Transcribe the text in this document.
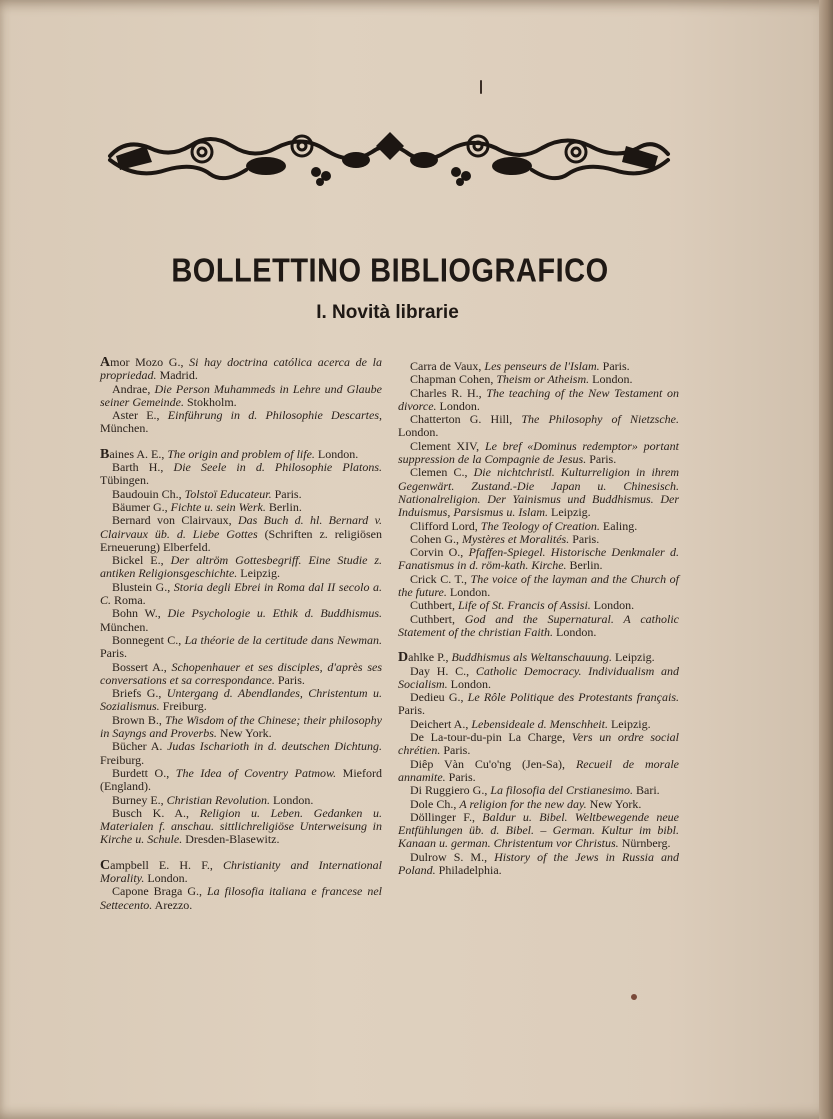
BOLLETTINO BIBLIOGRAFICO
I. Novità librarie

Amor Mozo G., Si hay doctrina católica acerca de la propriedad. Madrid.

Andrae, Die Person Muhammeds in Lehre und Glaube seiner Gemeinde. Stokholm.

Aster E., Einführung in d. Philosophie Descartes, München.

Baines A. E., The origin and problem of life. London.

Barth H., Die Seele in d. Philosophie Platons. Tübingen.

Baudouin Ch., Tolstoï Educateur. Paris.

Bäumer G., Fichte u. sein Werk. Berlin.

Bernard von Clairvaux, Das Buch d. hl. Bernard v. Clairvaux üb. d. Liebe Gottes (Schriften z. religiösen Erneuerung) Elberfeld.

Bickel E., Der altröm Gottesbegriff. Eine Studie z. antiken Religionsgeschichte. Leipzig.

Blustein G., Storia degli Ebrei in Roma dal II secolo a. C. Roma.

Bohn W., Die Psychologie u. Ethik d. Buddhismus. München.

Bonnegent C., La théorie de la certitude dans Newman. Paris.

Bossert A., Schopenhauer et ses disciples, d'après ses conversations et sa correspondance. Paris.

Briefs G., Untergang d. Abendlandes, Christentum u. Sozialismus. Freiburg.

Brown B., The Wisdom of the Chinese; their philosophy in Sayngs and Proverbs. New York.

Bücher A. Judas Ischarioth in d. deutschen Dichtung. Freiburg.

Burdett O., The Idea of Coventry Patmow. Mieford (England).

Burney E., Christian Revolution. London.

Busch K. A., Religion u. Leben. Gedanken u. Materialen f. anschau. sittlichreligiöse Unterweisung in Kirche u. Schule. Dresden-Blasewitz.

Campbell E. H. F., Christianity and International Morality. London.

Capone Braga G., La filosofia italiana e francese nel Settecento. Arezzo.

Carra de Vaux, Les penseurs de l'Islam. Paris.

Chapman Cohen, Theism or Atheism. London.

Charles R. H., The teaching of the New Testament on divorce. London.

Chatterton G. Hill, The Philosophy of Nietzsche. London.

Clement XIV, Le bref «Dominus redemptor» portant suppression de la Compagnie de Jesus. Paris.

Clemen C., Die nichtchristl. Kulturreligion in ihrem Gegenwärt. Zustand.-Die Japan u. Chinesisch. Nationalreligion. Der Yainismus und Buddhismus. Der Induismus, Parsismus u. Islam. Leipzig.

Clifford Lord, The Teology of Creation. Ealing.

Cohen G., Mystères et Moralités. Paris.

Corvin O., Pfaffen-Spiegel. Historische Denkmaler d. Fanatismus in d. röm-kath. Kirche. Berlin.

Crick C. T., The voice of the layman and the Church of the future. London.

Cuthbert, Life of St. Francis of Assisi. London.

Cuthbert, God and the Supernatural. A catholic Statement of the christian Faith. London.

Dahlke P., Buddhismus als Weltanschauung. Leipzig.

Day H. C., Catholic Democracy. Individualism and Socialism. London.

Dedieu G., Le Rôle Politique des Protestants français. Paris.

Deichert A., Lebensideale d. Menschheit. Leipzig.

De La-tour-du-pin La Charge, Vers un ordre social chrétien. Paris.

Diêp Vàn Cu'o'ng (Jen-Sa), Recueil de morale annamite. Paris.

Di Ruggiero G., La filosofia del Crstianesimo. Bari.

Dole Ch., A religion for the new day. New York.

Döllinger F., Baldur u. Bibel. Weltbewegende neue Entfühlungen üb. d. Bibel. – German. Kultur im bibl. Kanaan u. german. Christentum vor Christus. Nürnberg.

Dulrow S. M., History of the Jews in Russia and Poland. Philadelphia.
